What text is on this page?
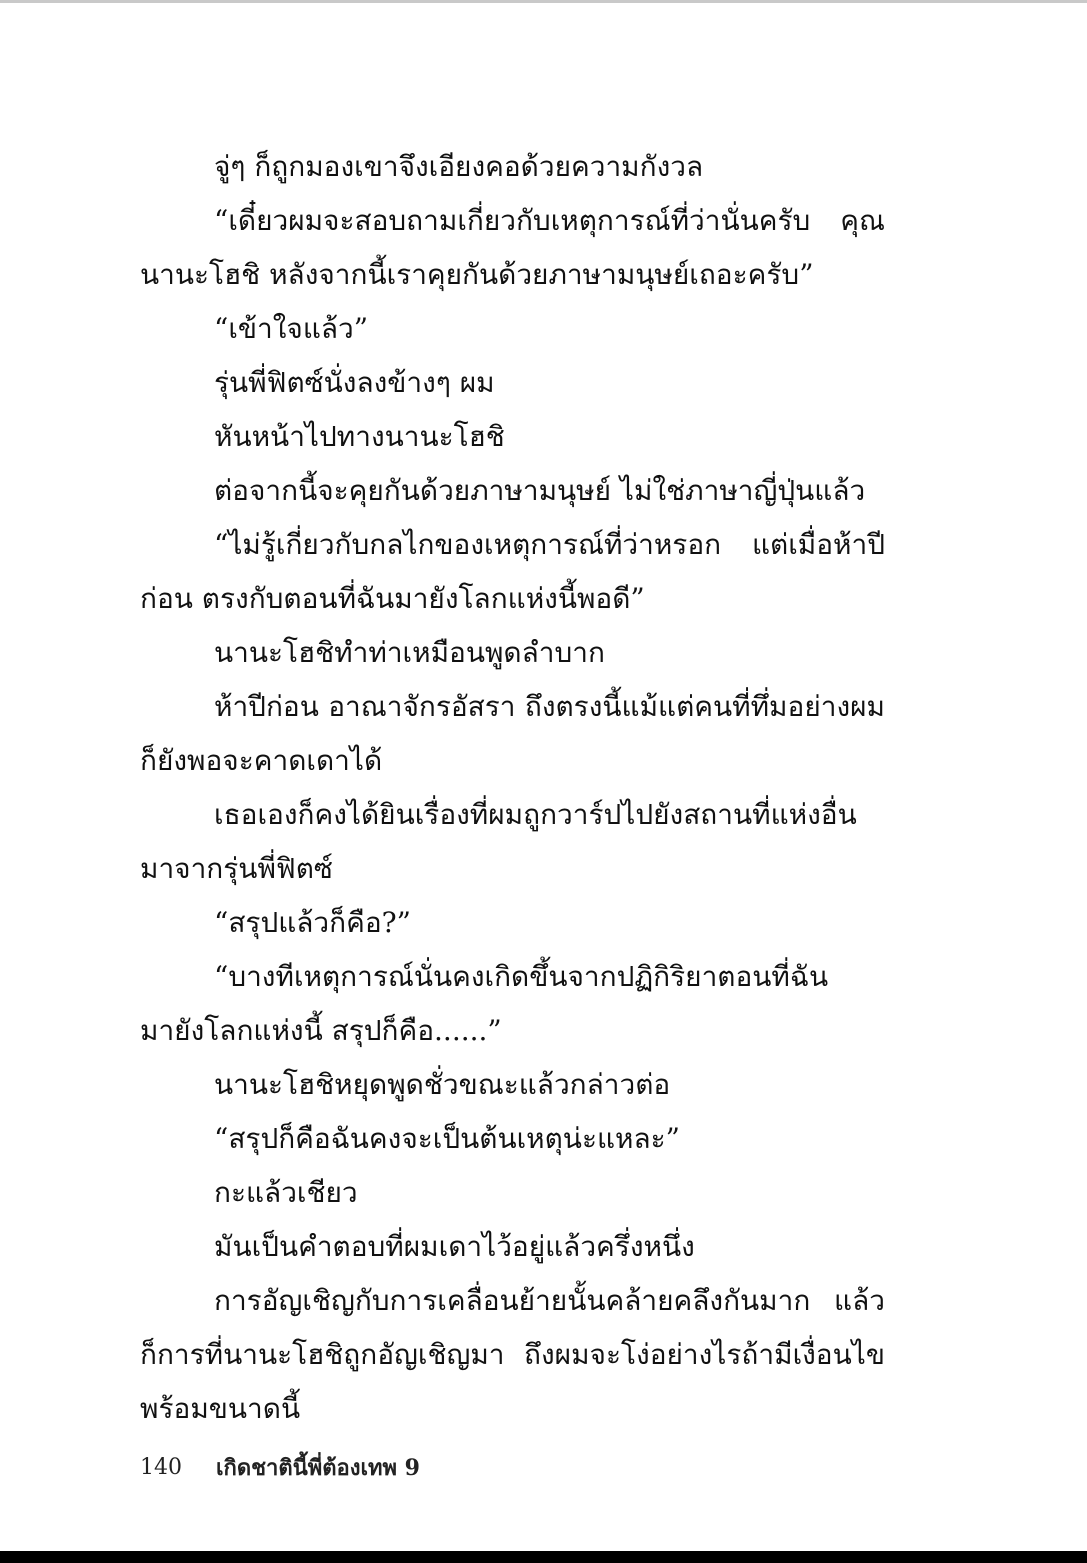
จู่ๆ ก็ถูกมองเขาจึงเอียงคอด้วยความกังวล

“เดี๋ยวผมจะสอบถามเกี่ยวกับเหตุการณ์ที่ว่านั่นครับ คุณนานะโฮชิ หลังจากนี้เราคุยกันด้วยภาษามนุษย์เถอะครับ”

“เข้าใจแล้ว”

รุ่นพี่ฟิตซ์นั่งลงข้างๆ ผม

หันหน้าไปทางนานะโฮชิ

ต่อจากนี้จะคุยกันด้วยภาษามนุษย์ ไม่ใช่ภาษาญี่ปุ่นแล้ว

“ไม่รู้เกี่ยวกับกลไกของเหตุการณ์ที่ว่าหรอก แต่เมื่อห้าปีก่อน ตรงกับตอนที่ฉันมายังโลกแห่งนี้พอดี”

นานะโฮชิทำท่าเหมือนพูดลำบาก

ห้าปีก่อน อาณาจักรอัสรา ถึงตรงนี้แม้แต่คนที่ทึ่มอย่างผมก็ยังพอจะคาดเดาได้

เธอเองก็คงได้ยินเรื่องที่ผมถูกวาร์ปไปยังสถานที่แห่งอื่นมาจากรุ่นพี่ฟิตซ์

“สรุปแล้วก็คือ?”

“บางทีเหตุการณ์นั่นคงเกิดขึ้นจากปฏิกิริยาตอนที่ฉันมายังโลกแห่งนี้ สรุปก็คือ......”

นานะโฮชิหยุดพูดชั่วขณะแล้วกล่าวต่อ

“สรุปก็คือฉันคงจะเป็นต้นเหตุน่ะแหละ”

กะแล้วเชียว

มันเป็นคำตอบที่ผมเดาไว้อยู่แล้วครึ่งหนึ่ง

การอัญเชิญกับการเคลื่อนย้ายนั้นคล้ายคลึงกันมาก แล้วก็การที่นานะโฮชิถูกอัญเชิญมา ถึงผมจะโง่อย่างไรถ้ามีเงื่อนไขพร้อมขนาดนี้

140 เกิดชาตินี้พี่ต้องเทพ 9
